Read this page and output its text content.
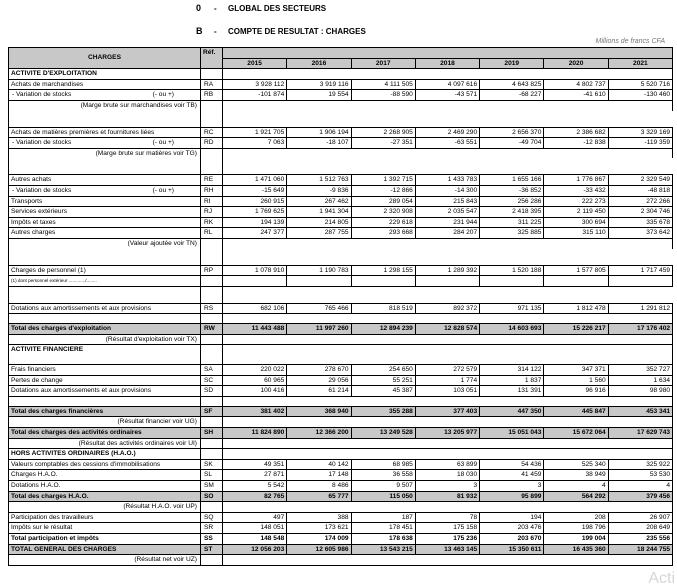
0 - GLOBAL DES SECTEURS
B - COMPTE DE RESULTAT : CHARGES
Millions de francs CFA
CHARGES	Réf.							
		2015	2016	2017	2018	2019	2020	2021
ACTIVITE D'EXPLOITATION								
Achats de marchandises	RA	3 928 112	3 919 116	4 111 505	4 097 616	4 643 825	4 802 737	5 520 716
- Variation de stocks (- ou +)	RB	-101 874	19 554	-88 590	-43 571	-68 227	-41 610	-130 460
(Marge brute sur marchandises voir TB)								

Achats de matières premières et fournitures liées	RC	1 921 705	1 906 194	2 268 905	2 469 290	2 656 370	2 386 682	3 329 169
- Variation de stocks (- ou +)	RD	7 063	-18 107	-27 351	-63 551	-49 704	-12 838	-119 359
(Marge brute sur matières voir TG)								

Autres achats	RE	1 471 060	1 512 763	1 392 715	1 433 783	1 655 166	1 776 867	2 329 549
- Variation de stocks (- ou +)	RH	-15 649	-9 836	-12 866	-14 300	-36 852	-33 432	-48 818
Transports	RI	260 915	267 462	289 054	215 843	256 286	222 273	272 266
Services extérieurs	RJ	1 769 625	1 941 304	2 320 908	2 035 547	2 418 395	2 119 450	2 304 746
Impôts et taxes	RK	194 139	214 805	229 618	231 944	311 225	300 694	335 678
Autres charges	RL	247 377	287 755	293 668	284 207	325 885	315 110	373 642
(Valeur ajoutée voir TN)								

Charges de personnel (1)	RP	1 078 910	1 190 783	1 298 155	1 289 392	1 520 188	1 577 805	1 717 459
(1) dont personnel extérieur ............./........								

Dotations aux amortissements et aux provisions	RS	682 106	765 466	818 519	892 372	971 135	1 812 478	1 291 812

Total des charges d'exploitation	RW	11 443 488	11 997 260	12 894 239	12 828 574	14 603 693	15 226 217	17 176 402
(Résultat d'exploitation voir TX)								
ACTIVITE FINANCIERE								

Frais financiers	SA	220 022	278 670	254 650	272 579	314 122	347 371	352 727
Pertes de change	SC	60 965	29 056	55 251	1 774	1 837	1 560	1 634
Dotations aux amortissements et aux provisions	SD	100 416	61 214	45 387	103 051	131 391	96 916	98 980

Total des charges financières	SF	381 402	368 940	355 288	377 403	447 350	445 847	453 341
(Résultat financier voir UG)								
Total des charges des activités ordinaires	SH	11 824 890	12 366 200	13 249 528	13 205 977	15 051 043	15 672 064	17 629 743
(Résultat des activités ordinaires voir UI)								
HORS ACTIVITES ORDINAIRES (H.A.O.)								
Valeurs comptables des cessions d'immobilisations	SK	49 351	40 142	68 985	63 899	54 436	525 340	325 922
Charges H.A.O.	SL	27 871	17 148	36 558	18 030	41 459	38 949	53 530
Dotations H.A.O.	SM	5 542	8 486	9 507	3	3	4	4
Total des charges H.A.O.	SO	82 765	65 777	115 050	81 932	95 899	564 292	379 456
(Résultat H.A.O. voir UP)								
Participation des travailleurs	SQ	497	388	187	78	194	208	26 907
Impôts sur le résultat	SR	148 051	173 621	178 451	175 158	203 476	198 796	208 649
Total participation et impôts	SS	148 548	174 009	178 638	175 236	203 670	199 004	235 556
TOTAL GENERAL DES CHARGES	ST	12 056 203	12 605 986	13 543 215	13 463 145	15 350 611	16 435 360	18 244 755
(Résultat net voir UZ)								
Acti
